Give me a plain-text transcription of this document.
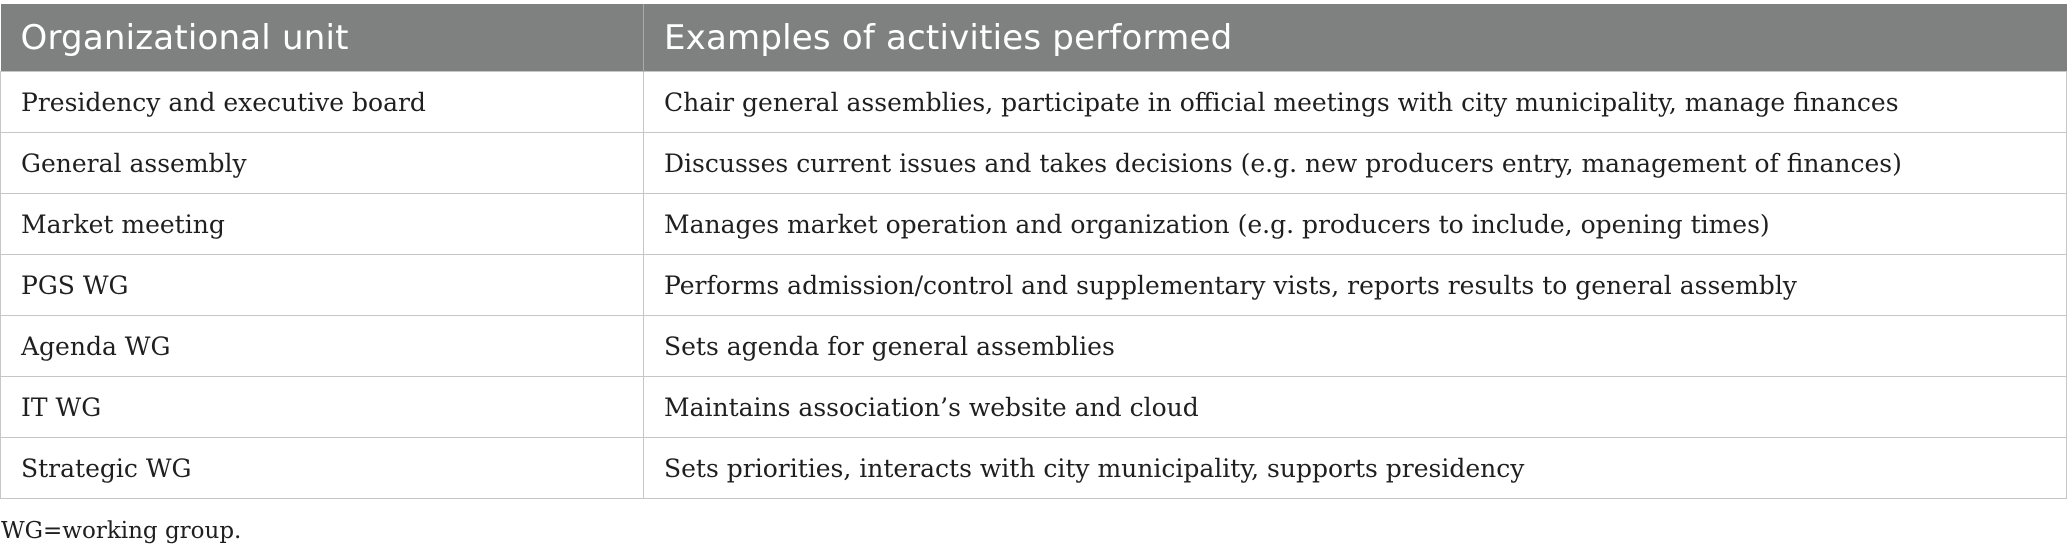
Organizational unit	Examples of activities performed
Presidency and executive board	Chair general assemblies, participate in official meetings with city municipality, manage finances
General assembly	Discusses current issues and takes decisions (e.g. new producers entry, management of finances)
Market meeting	Manages market operation and organization (e.g. producers to include, opening times)
PGS WG	Performs admission/control and supplementary vists, reports results to general assembly
Agenda WG	Sets agenda for general assemblies
IT WG	Maintains association’s website and cloud
Strategic WG	Sets priorities, interacts with city municipality, supports presidency
WG=working group.
